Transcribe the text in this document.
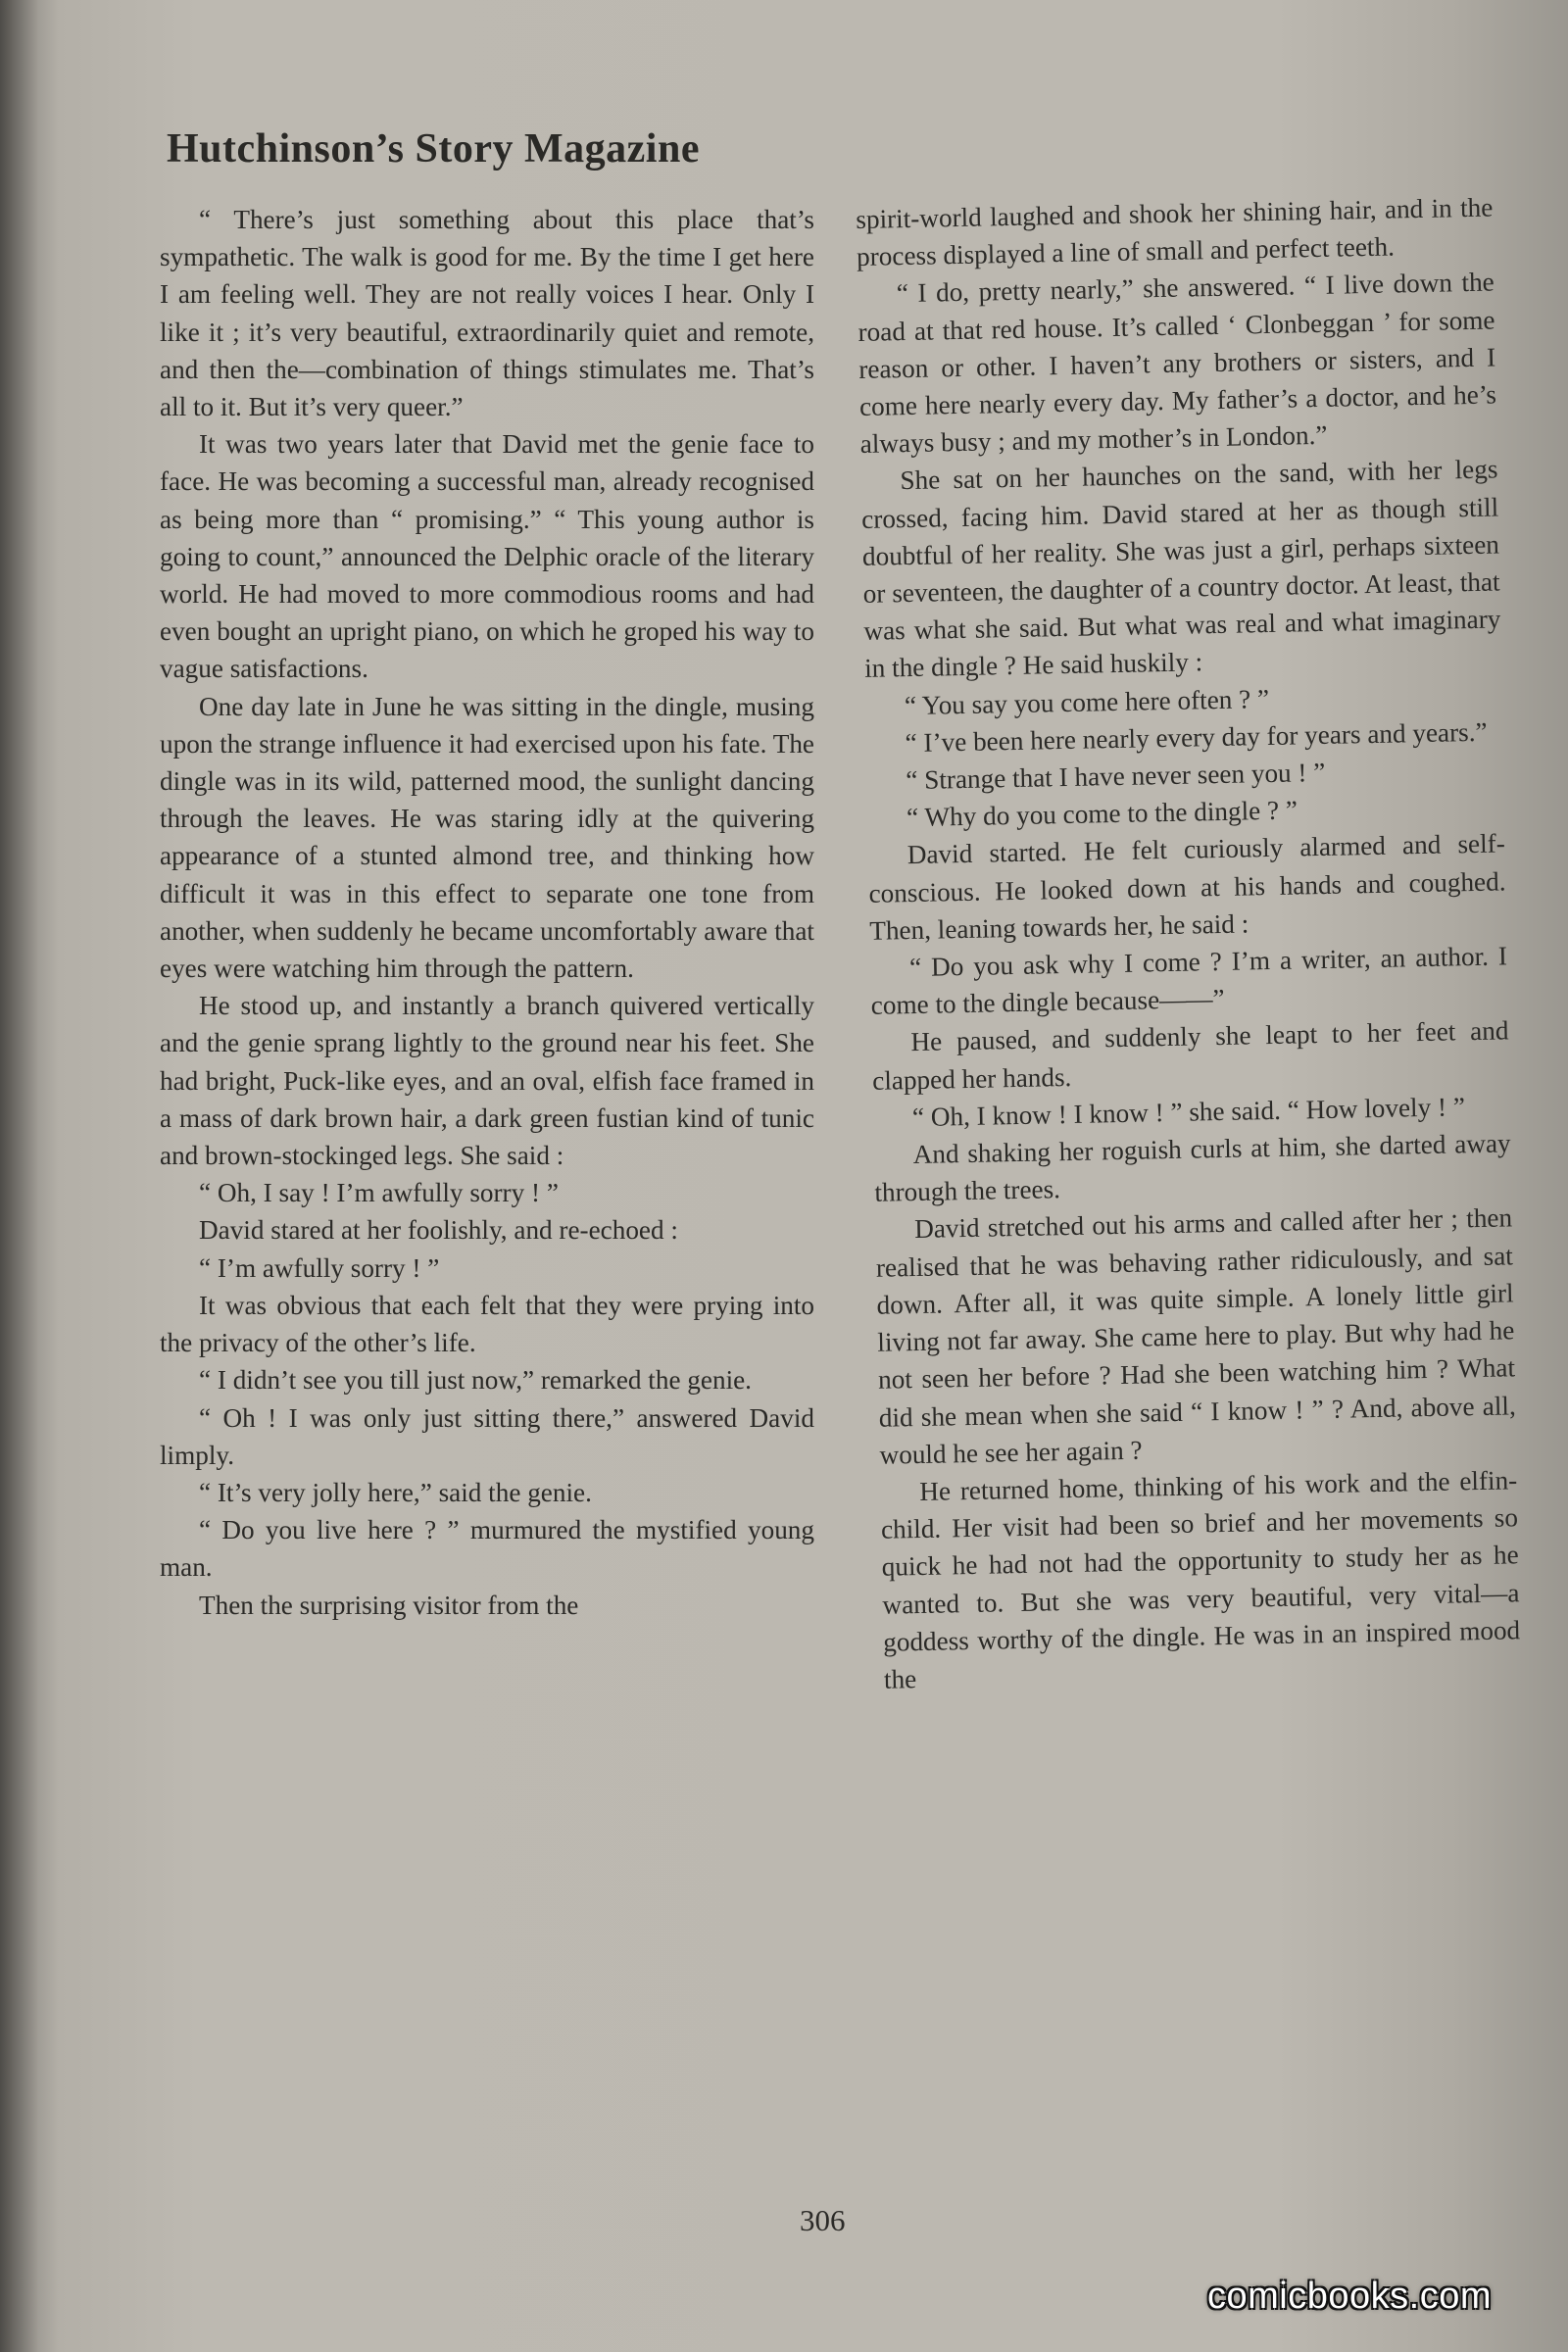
Hutchinson’s Story Magazine

“ There’s just something about this place that’s sympathetic. The walk is good for me. By the time I get here I am feeling well. They are not really voices I hear. Only I like it ; it’s very beautiful, extraordinarily quiet and remote, and then the—combination of things stimulates me. That’s all to it. But it’s very queer.”

It was two years later that David met the genie face to face. He was becoming a successful man, already recognised as being more than “ promising.” “ This young author is going to count,” announced the Delphic oracle of the literary world. He had moved to more commodious rooms and had even bought an upright piano, on which he groped his way to vague satisfactions.

One day late in June he was sitting in the dingle, musing upon the strange influence it had exercised upon his fate. The dingle was in its wild, patterned mood, the sunlight dancing through the leaves. He was staring idly at the quivering appearance of a stunted almond tree, and thinking how difficult it was in this effect to separate one tone from another, when suddenly he became uncomfortably aware that eyes were watching him through the pattern.

He stood up, and instantly a branch quivered vertically and the genie sprang lightly to the ground near his feet. She had bright, Puck-like eyes, and an oval, elfish face framed in a mass of dark brown hair, a dark green fustian kind of tunic and brown-stockinged legs. She said :

“ Oh, I say ! I’m awfully sorry ! ”

David stared at her foolishly, and re-echoed :

“ I’m awfully sorry ! ”

It was obvious that each felt that they were prying into the privacy of the other’s life.

“ I didn’t see you till just now,” remarked the genie.

“ Oh ! I was only just sitting there,” answered David limply.

“ It’s very jolly here,” said the genie.

“ Do you live here ? ” murmured the mystified young man.

Then the surprising visitor from the

spirit-world laughed and shook her shining hair, and in the process displayed a line of small and perfect teeth.

“ I do, pretty nearly,” she answered. “ I live down the road at that red house. It’s called ‘ Clonbeggan ’ for some reason or other. I haven’t any brothers or sisters, and I come here nearly every day. My father’s a doctor, and he’s always busy ; and my mother’s in London.”

She sat on her haunches on the sand, with her legs crossed, facing him. David stared at her as though still doubtful of her reality. She was just a girl, perhaps sixteen or seventeen, the daughter of a country doctor. At least, that was what she said. But what was real and what imaginary in the dingle ? He said huskily :

“ You say you come here often ? ”

“ I’ve been here nearly every day for years and years.”

“ Strange that I have never seen you ! ”

“ Why do you come to the dingle ? ”

David started. He felt curiously alarmed and self-conscious. He looked down at his hands and coughed. Then, leaning towards her, he said :

“ Do you ask why I come ? I’m a writer, an author. I come to the dingle because——”

He paused, and suddenly she leapt to her feet and clapped her hands.

“ Oh, I know ! I know ! ” she said. “ How lovely ! ”

And shaking her roguish curls at him, she darted away through the trees.

David stretched out his arms and called after her ; then realised that he was behaving rather ridiculously, and sat down. After all, it was quite simple. A lonely little girl living not far away. She came here to play. But why had he not seen her before ? Had she been watching him ? What did she mean when she said “ I know ! ” ? And, above all, would he see her again ?

He returned home, thinking of his work and the elfin-child. Her visit had been so brief and her movements so quick he had not had the opportunity to study her as he wanted to. But she was very beautiful, very vital—a goddess worthy of the dingle. He was in an inspired mood the

306
comicbooks.com
